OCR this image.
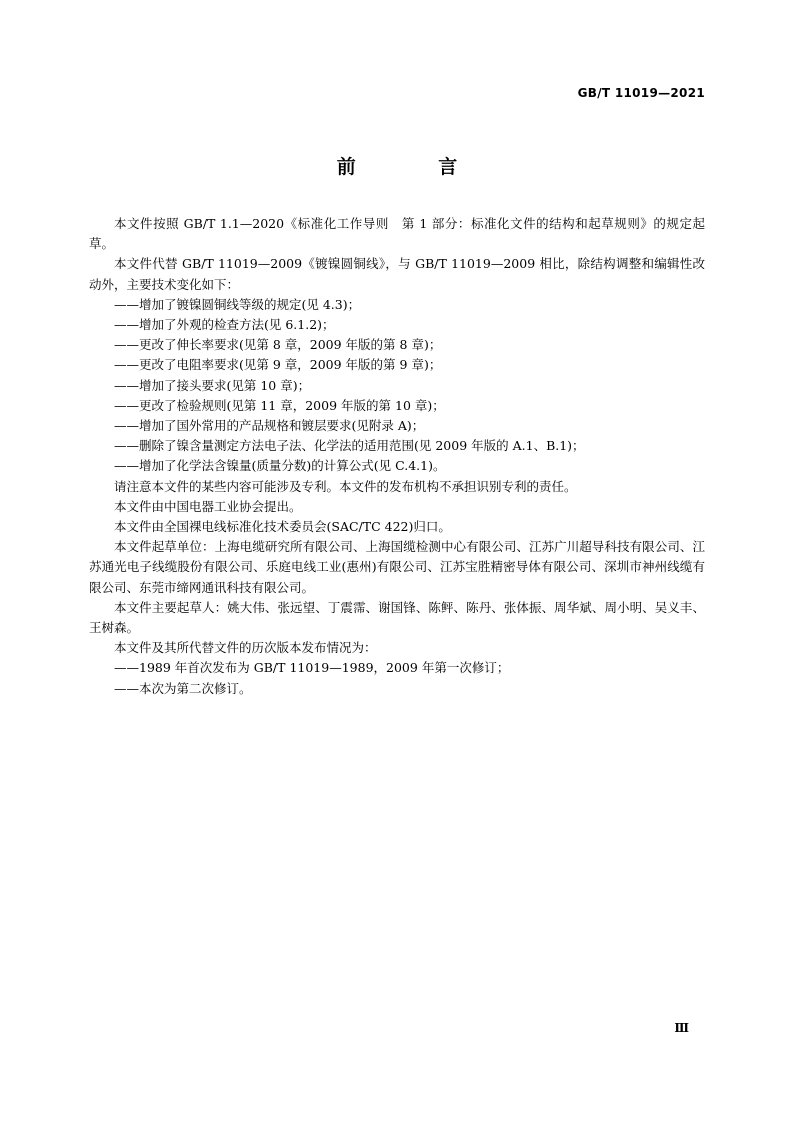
GB/T 11019—2021
前 言

本文件按照 GB/T 1.1—2020《标准化工作导则　第 1 部分：标准化文件的结构和起草规则》的规定起草。

本文件代替 GB/T 11019—2009《镀镍圆铜线》，与 GB/T 11019—2009 相比，除结构调整和编辑性改动外，主要技术变化如下：

——增加了镀镍圆铜线等级的规定(见 4.3)；

——增加了外观的检查方法(见 6.1.2)；

——更改了伸长率要求(见第 8 章，2009 年版的第 8 章)；

——更改了电阻率要求(见第 9 章，2009 年版的第 9 章)；

——增加了接头要求(见第 10 章)；

——更改了检验规则(见第 11 章，2009 年版的第 10 章)；

——增加了国外常用的产品规格和镀层要求(见附录 A)；

——删除了镍含量测定方法电子法、化学法的适用范围(见 2009 年版的 A.1、B.1)；

——增加了化学法含镍量(质量分数)的计算公式(见 C.4.1)。

请注意本文件的某些内容可能涉及专利。本文件的发布机构不承担识别专利的责任。

本文件由中国电器工业协会提出。

本文件由全国裸电线标准化技术委员会(SAC/TC 422)归口。

本文件起草单位：上海电缆研究所有限公司、上海国缆检测中心有限公司、江苏广川超导科技有限公司、江苏通光电子线缆股份有限公司、乐庭电线工业(惠州)有限公司、江苏宝胜精密导体有限公司、深圳市神州线缆有限公司、东莞市缔网通讯科技有限公司。

本文件主要起草人：姚大伟、张远望、丁震霈、谢国锋、陈鲆、陈丹、张体振、周华斌、周小明、吴义丰、王树森。

本文件及其所代替文件的历次版本发布情况为：

——1989 年首次发布为 GB/T 11019—1989，2009 年第一次修订；

——本次为第二次修订。

Ⅲ
